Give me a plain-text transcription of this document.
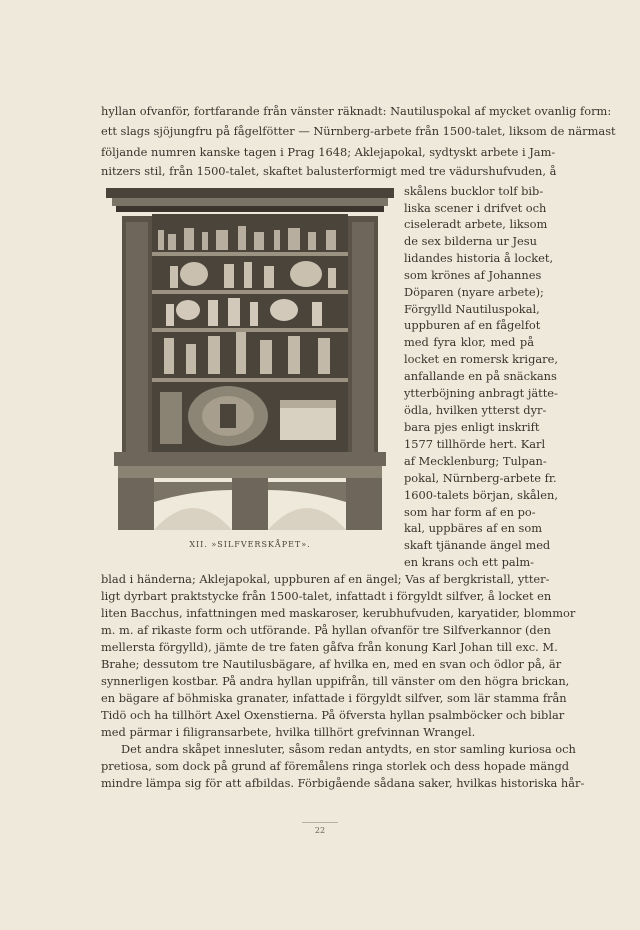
hyllan ofvanför, fortfarande från vänster räknadt: Nautiluspokal af mycket ovanlig form:
ett slags sjöjungfru på fågelfötter — Nürnberg-arbete från 1500-talet, liksom de närmast
följande numren kanske tagen i Prag 1648; Aklejapokal, sydtyskt arbete i Jam-
nitzers stil, från 1500-talet, skaftet balusterformigt med tre vädurshufvuden, å
skålens bucklor tolf bib-
liska scener i drifvet och
ciseleradt arbete, liksom
de sex bilderna ur Jesu
lidandes historia å locket,
som krönes af Johannes
Döparen (nyare arbete);
Förgylld Nautiluspokal,
uppburen af en fågelfot
med fyra klor, med på
locket en romersk krigare,
anfallande en på snäckans
ytterböjning anbragt jätte-
ödla, hvilken ytterst dyr-
bara pjes enligt inskrift
1577 tillhörde hert. Karl
af Mecklenburg; Tulpan-
pokal, Nürnberg-arbete fr.
1600-talets början, skålen,
som har form af en po-
kal, uppbäres af en som
skaft tjänande ängel med
en krans och ett palm-
XII. »SILFVERSKÅPET».
blad i händerna; Aklejapokal, uppburen af en ängel; Vas af bergkristall, ytter-
ligt dyrbart praktstycke från 1500-talet, infattadt i förgyldt silfver, å locket en
liten Bacchus, infattningen med maskaroser, kerubhufvuden, karyatider, blommor
m. m. af rikaste form och utförande. På hyllan ofvanför tre Silfverkannor (den
mellersta förgylld), jämte de tre faten gåfva från konung Karl Johan till exc. M.
Brahe; dessutom tre Nautilusbägare, af hvilka en, med en svan och ödlor på, är
synnerligen kostbar. På andra hyllan uppifrån, till vänster om den högra brickan,
en bägare af böhmiska granater, infattade i förgyldt silfver, som lär stamma från
Tidö och ha tillhört Axel Oxenstierna. På öfversta hyllan psalmböcker och biblar
med pärmar i filigransarbete, hvilka tillhört grefvinnan Wrangel.
Det andra skåpet innesluter, såsom redan antydts, en stor samling kuriosa och
pretiosa, som dock på grund af föremålens ringa storlek och dess hopade mängd
mindre lämpa sig för att afbildas. Förbigående sådana saker, hvilkas historiska hår-
22
